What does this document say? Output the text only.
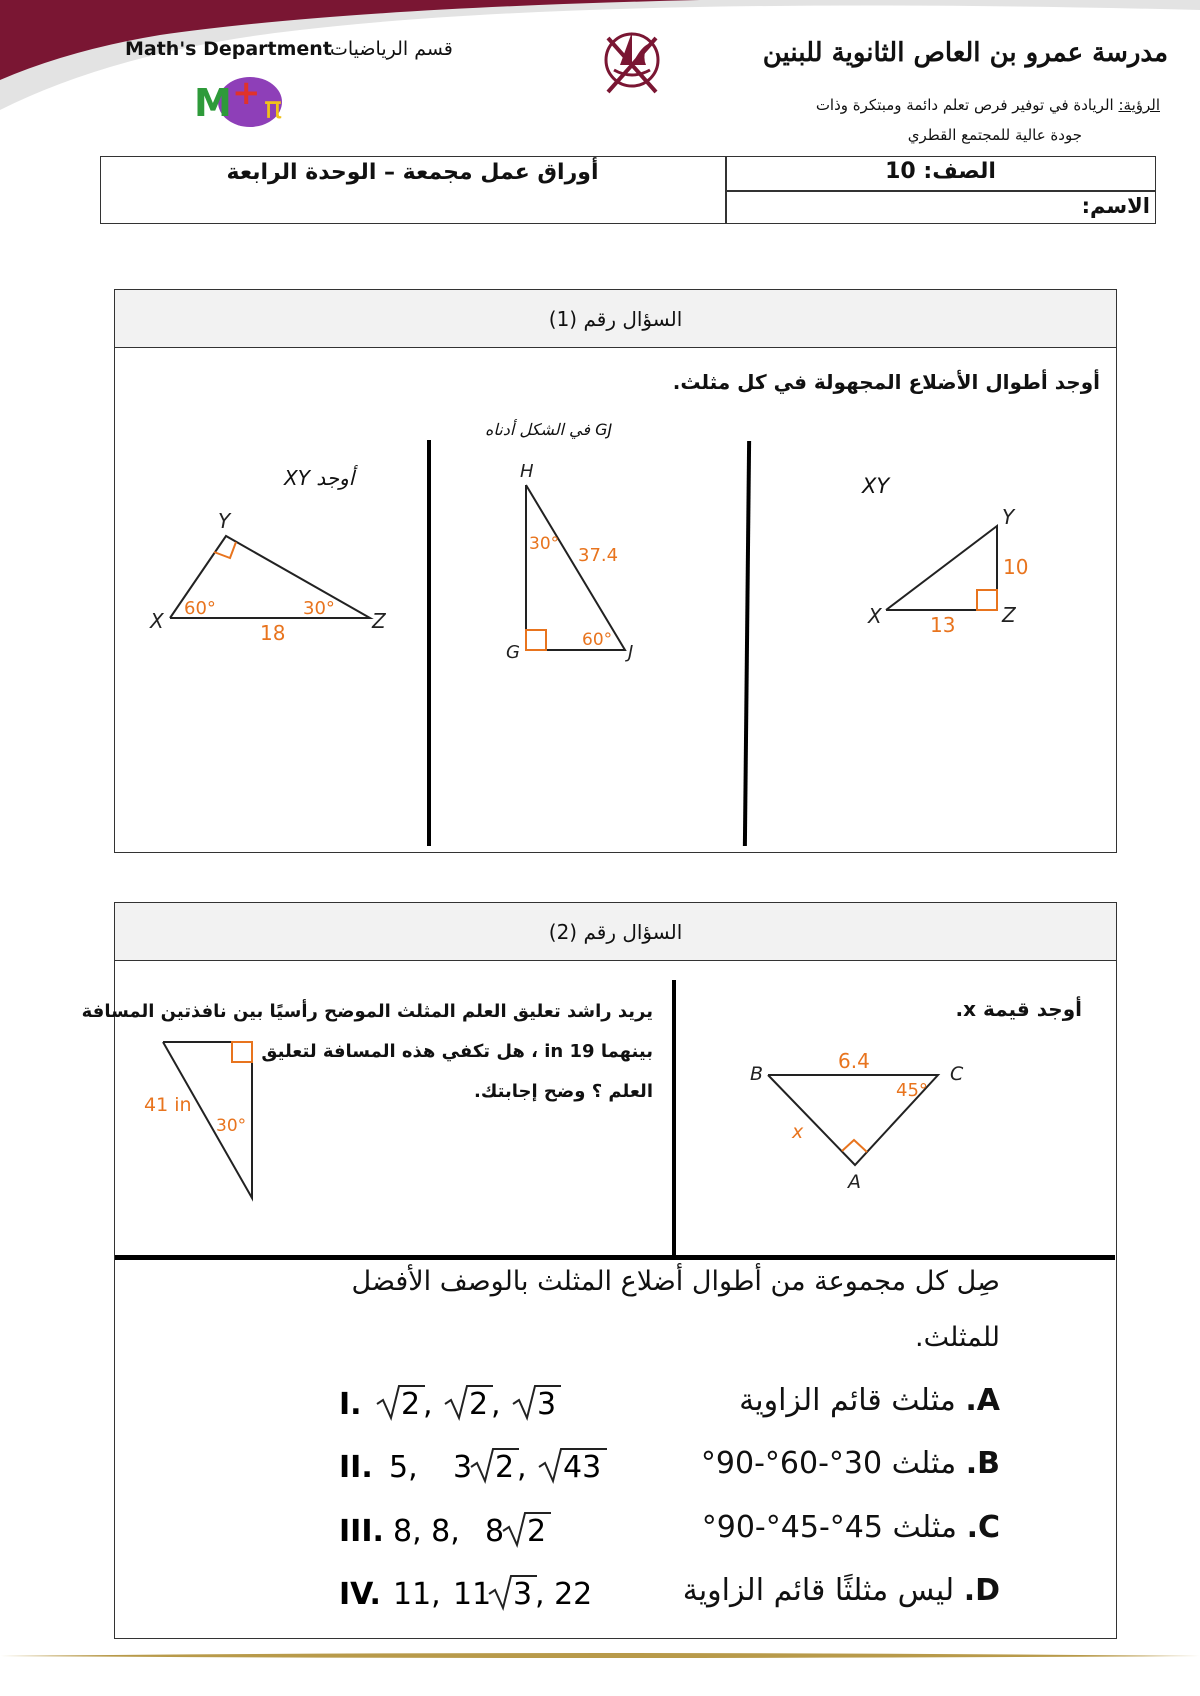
Math's Department
قسم الرياضيات
M + π
مدرسة عمرو بن العاص الثانوية للبنين
الرؤية: الريادة في توفير فرص تعلم دائمة ومبتكرة وذات
جودة عالية للمجتمع القطري
أوراق عمل مجمعة – الوحدة الرابعة	الصف: 10
الاسم:
السؤال رقم (1)
أوجد أطوال الأضلاع المجهولة في كل مثلث.
XY
X
Y
Z
10
13
GJ في الشكل أدناه
H
G	J
30°
37.4
60°
أوجد XY
X
Y
Z
60°	30°
18
السؤال رقم (2)
أوجد قيمة x.
B	C
A
6.4
45°
x
يريد راشد تعليق العلم المثلث الموضح رأسيًا بين نافذتين المسافة
بينهما 19 in ، هل تكفي هذه المسافة لتعليق
العلم ؟ وضح إجابتك.
41 in
30°
صِل كل مجموعة من أطوال أضلاع المثلث بالوصف الأفضل
للمثلث.
A. مثلث قائم الزاوية
B. مثلث 30°-60°-90°
C. مثلث 45°-45°-90°
D. ليس مثلثًا قائم الزاوية
I. 2 , 2 , 3
II. 5, 3 2 , 43
III. 8, 8, 8 2
IV. 11, 11 3 , 22
